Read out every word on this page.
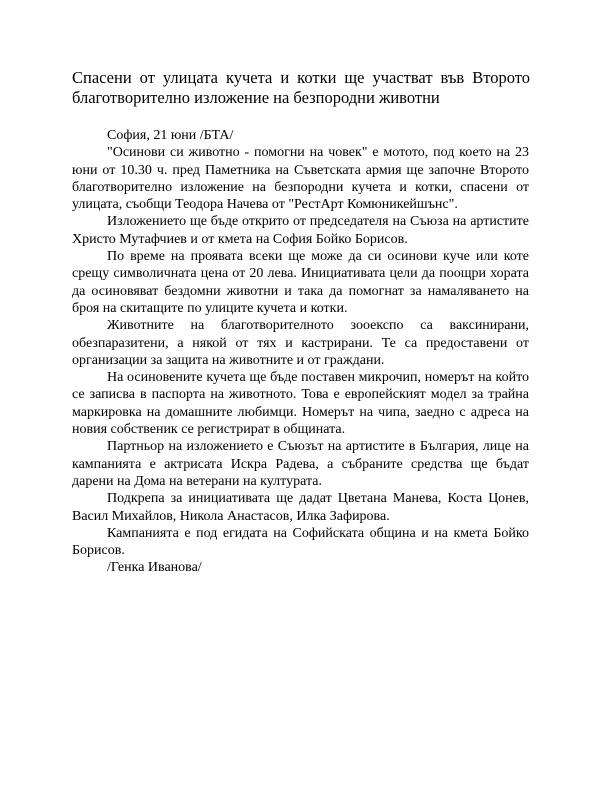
Спасени от улицата кучета и котки ще участват във Второто благотворително изложение на безпородни животни

София, 21 юни /БТА/

"Осинови си животно - помогни на човек" е мотото, под което на 23 юни от 10.30 ч. пред Паметника на Съветската армия ще започне Второто благотворително изложение на безпородни кучета и котки, спасени от улицата, съобщи Теодора Начева от "РестАрт Комюникейшънс".

Изложението ще бъде открито от председателя на Съюза на артистите Христо Мутафчиев и от кмета на София Бойко Борисов.

По време на проявата всеки ще може да си осинови куче или коте срещу символичната цена от 20 лева. Инициативата цели да поощри хората да осиновяват бездомни животни и така да помогнат за намаляването на броя на скитащите по улиците кучета и котки.

Животните на благотворителното зооекспо са ваксинирани, обезпаразитени, а някой от тях и кастрирани. Те са предоставени от организации за защита на животните и от граждани.

На осиновените кучета ще бъде поставен микрочип, номерът на който се записва в паспорта на животното. Това е европейският модел за трайна маркировка на домашните любимци. Номерът на чипа, заедно с адреса на новия собственик се регистрират в общината.

Партньор на изложението е Съюзът на артистите в България, лице на кампанията е актрисата Искра Радева, а събраните средства ще бъдат дарени на Дома на ветерани на културата.

Подкрепа за инициативата ще дадат Цветана Манева, Коста Цонев, Васил Михайлов, Никола Анастасов, Илка Зафирова.

Кампанията е под егидата на Софийската община и на кмета Бойко Борисов.

/Генка Иванова/
